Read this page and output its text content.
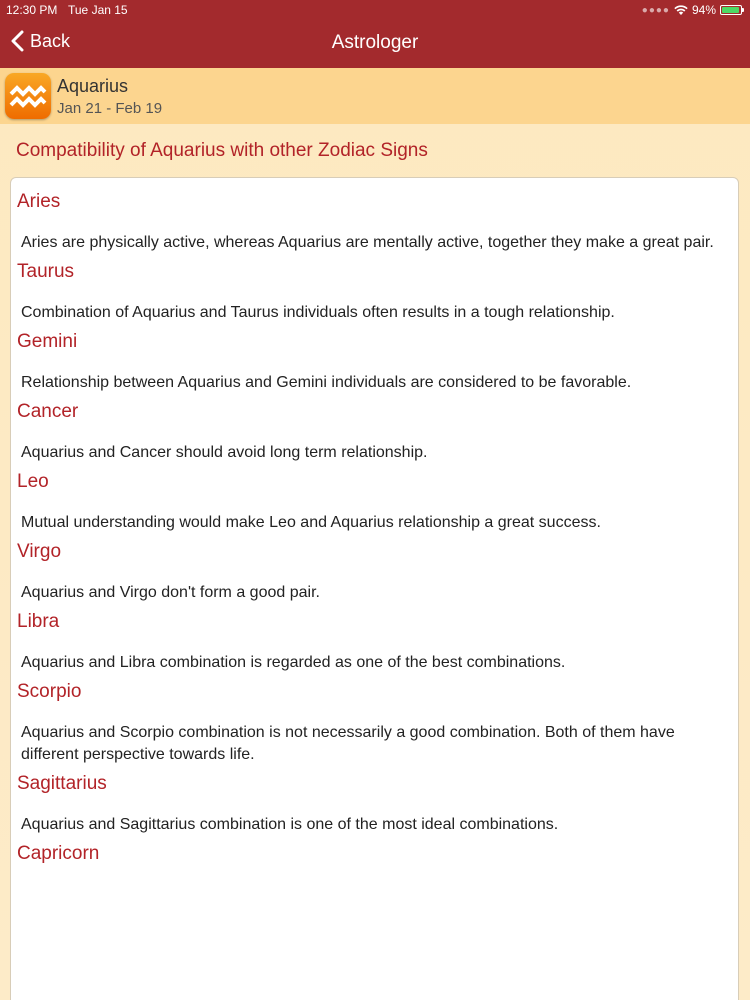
12:30 PM Tue Jan 15	●●●● 94%
Back	Astrologer
Aquarius
Jan 21 - Feb 19
Compatibility of Aquarius with other Zodiac Signs
Aries
Aries are physically active, whereas Aquarius are mentally active, together they make a great pair.
Taurus
Combination of Aquarius and Taurus individuals often results in a tough relationship.
Gemini
Relationship between Aquarius and Gemini individuals are considered to be favorable.
Cancer
Aquarius and Cancer should avoid long term relationship.
Leo
Mutual understanding would make Leo and Aquarius relationship a great success.
Virgo
Aquarius and Virgo don't form a good pair.
Libra
Aquarius and Libra combination is regarded as one of the best combinations.
Scorpio
Aquarius and Scorpio combination is not necessarily a good combination. Both of them have different perspective towards life.
Sagittarius
Aquarius and Sagittarius combination is one of the most ideal combinations.
Capricorn
